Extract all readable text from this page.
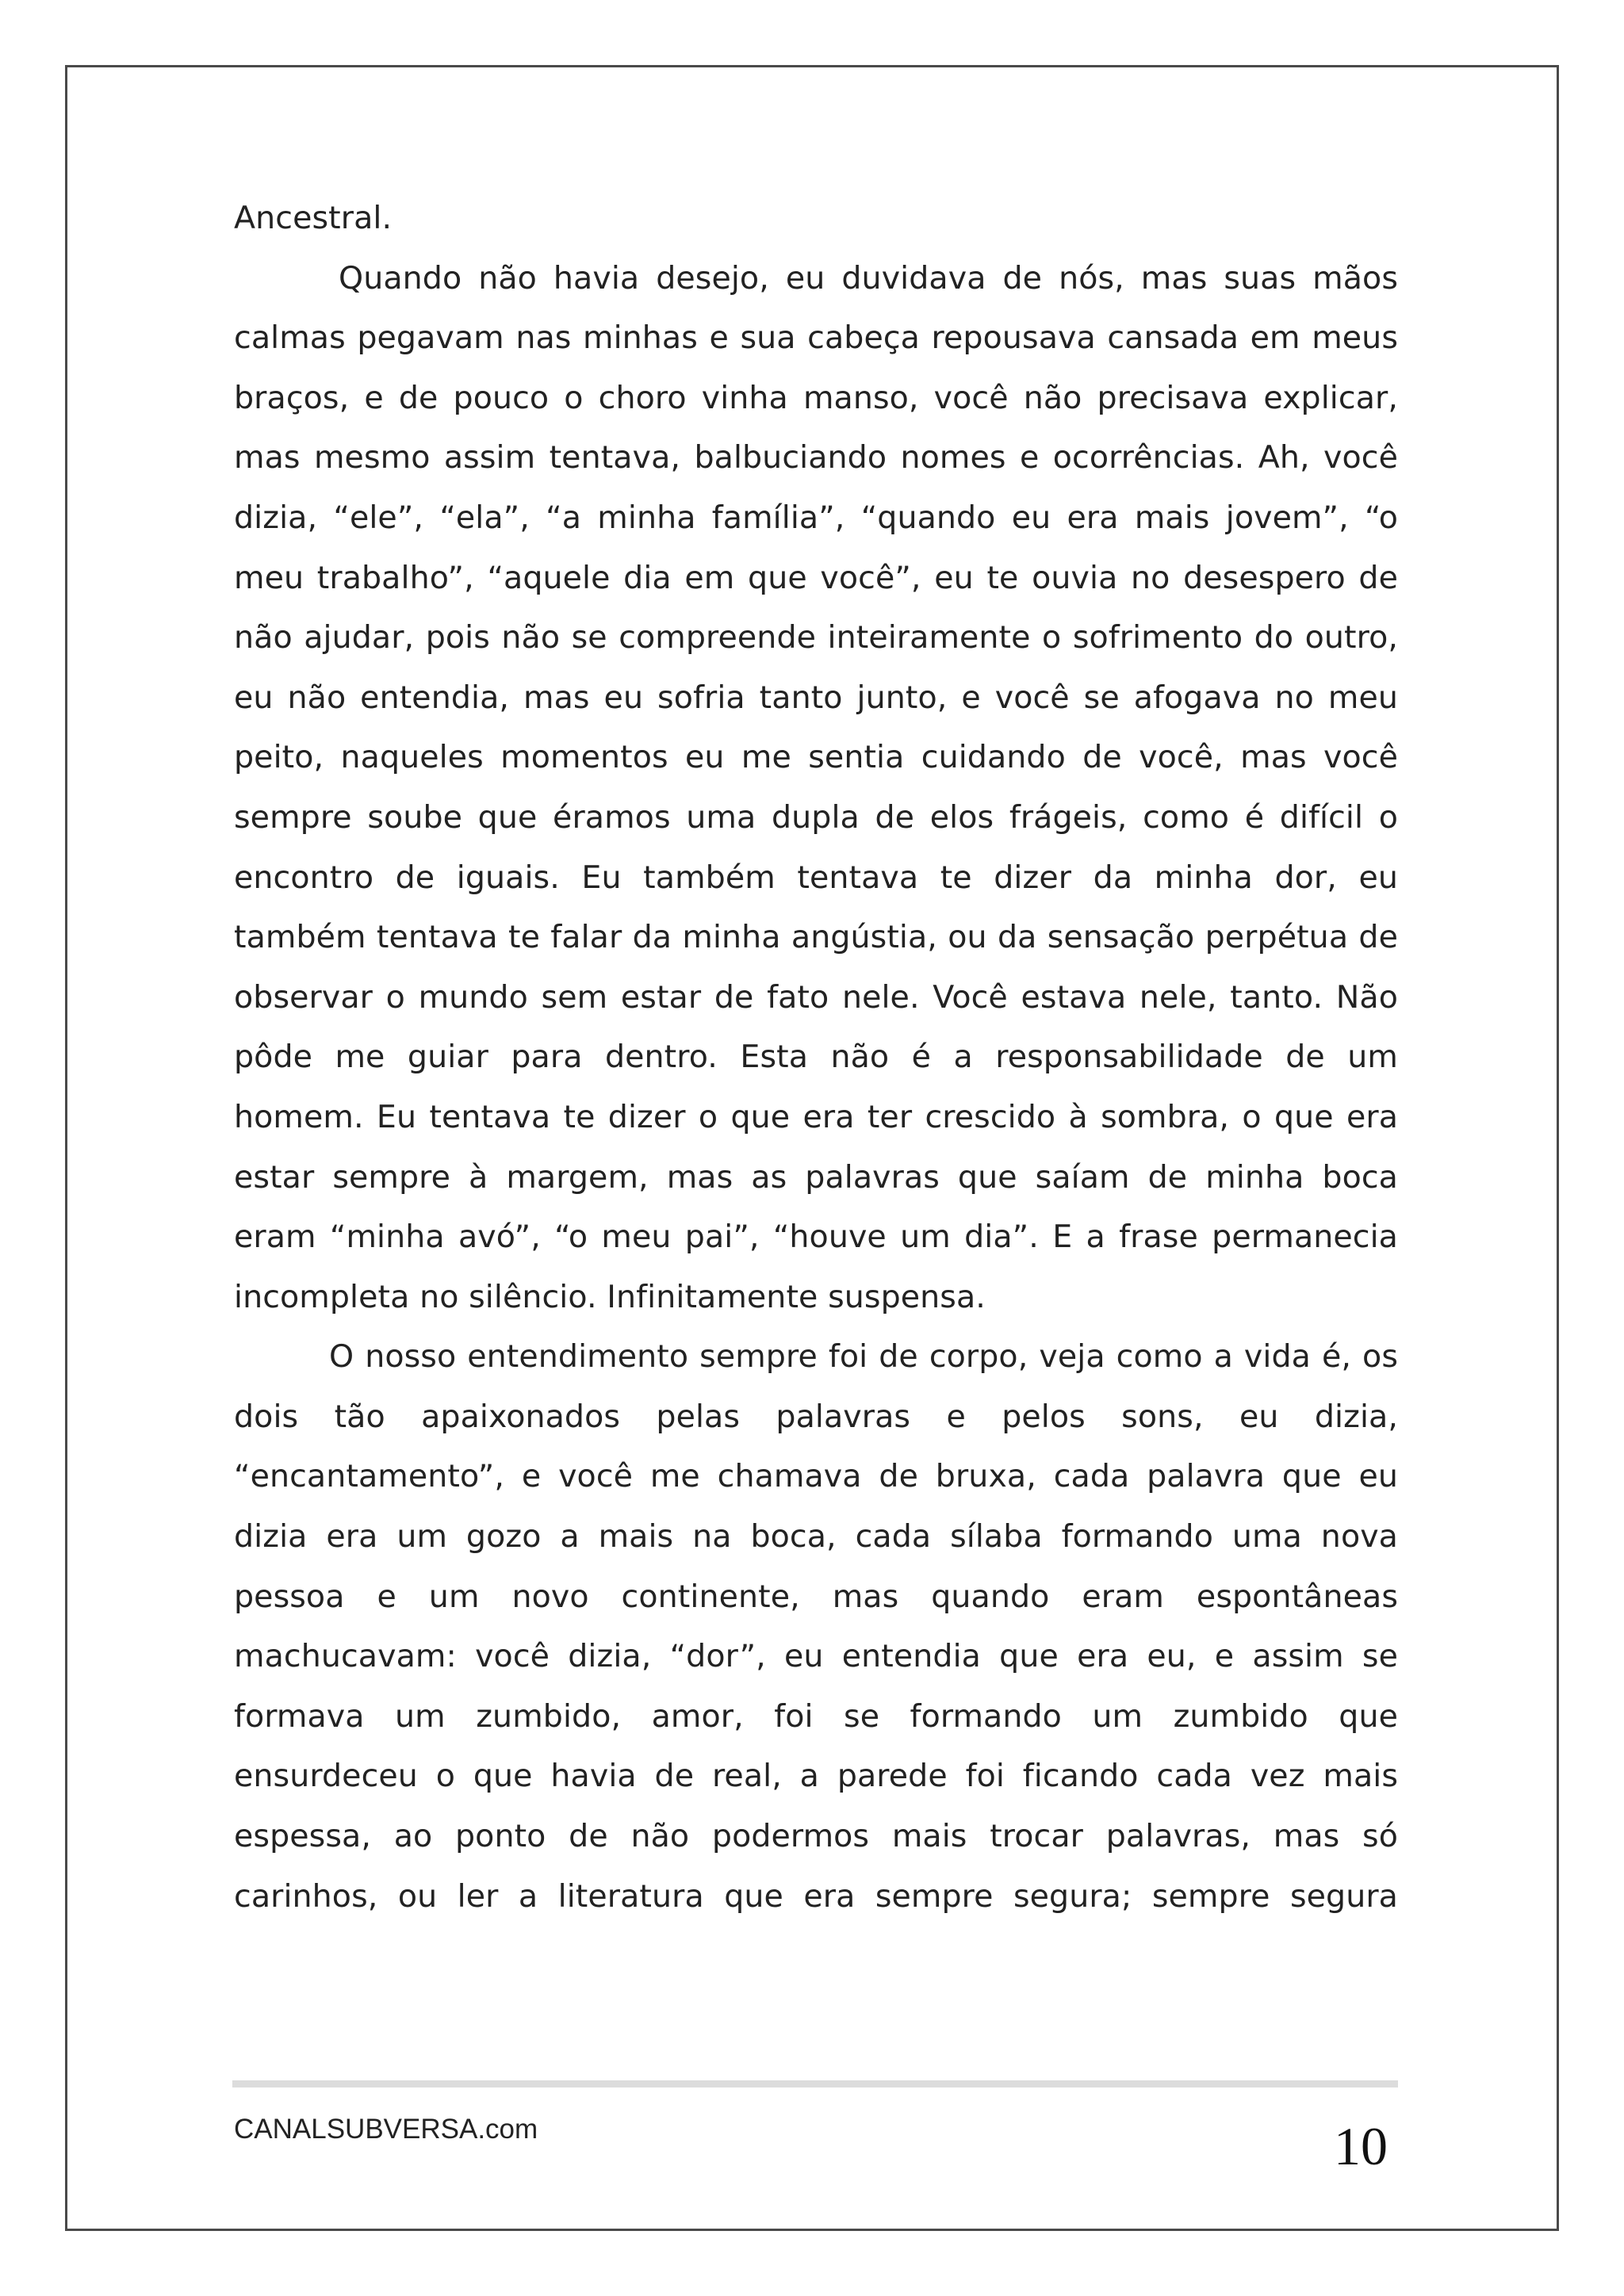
Ancestral.

Quando não havia desejo, eu duvidava de nós, mas suas mãos calmas pegavam nas minhas e sua cabeça repousava cansada em meus braços, e de pouco o choro vinha manso, você não precisava explicar, mas mesmo assim tentava, balbuciando nomes e ocorrências. Ah, você dizia, “ele”, “ela”, “a minha família”, “quando eu era mais jovem”, “o meu trabalho”, “aquele dia em que você”, eu te ouvia no desespero de não ajudar, pois não se compreende inteiramente o sofrimento do outro, eu não entendia, mas eu sofria tanto junto, e você se afogava no meu peito, naqueles momentos eu me sentia cuidando de você, mas você sempre soube que éramos uma dupla de elos frágeis, como é difícil o encontro de iguais. Eu também tentava te dizer da minha dor, eu também tentava te falar da minha angústia, ou da sensação perpétua de observar o mundo sem estar de fato nele. Você estava nele, tanto. Não pôde me guiar para dentro. Esta não é a responsabilidade de um homem. Eu tentava te dizer o que era ter crescido à sombra, o que era estar sempre à margem, mas as palavras que saíam de minha boca eram “minha avó”, “o meu pai”, “houve um dia”. E a frase permanecia incompleta no silêncio. Infinitamente suspensa.

O nosso entendimento sempre foi de corpo, veja como a vida é, os dois tão apaixonados pelas palavras e pelos sons, eu dizia, “encantamento”, e você me chamava de bruxa, cada palavra que eu dizia era um gozo a mais na boca, cada sílaba formando uma nova pessoa e um novo continente, mas quando eram espontâneas machucavam: você dizia, “dor”, eu entendia que era eu, e assim se formava um zumbido, amor, foi se formando um zumbido que ensurdeceu o que havia de real, a parede foi ficando cada vez mais espessa, ao ponto de não podermos mais trocar palavras, mas só carinhos, ou ler a literatura que era sempre segura; sempre segura

CANALSUBVERSA.com	10
